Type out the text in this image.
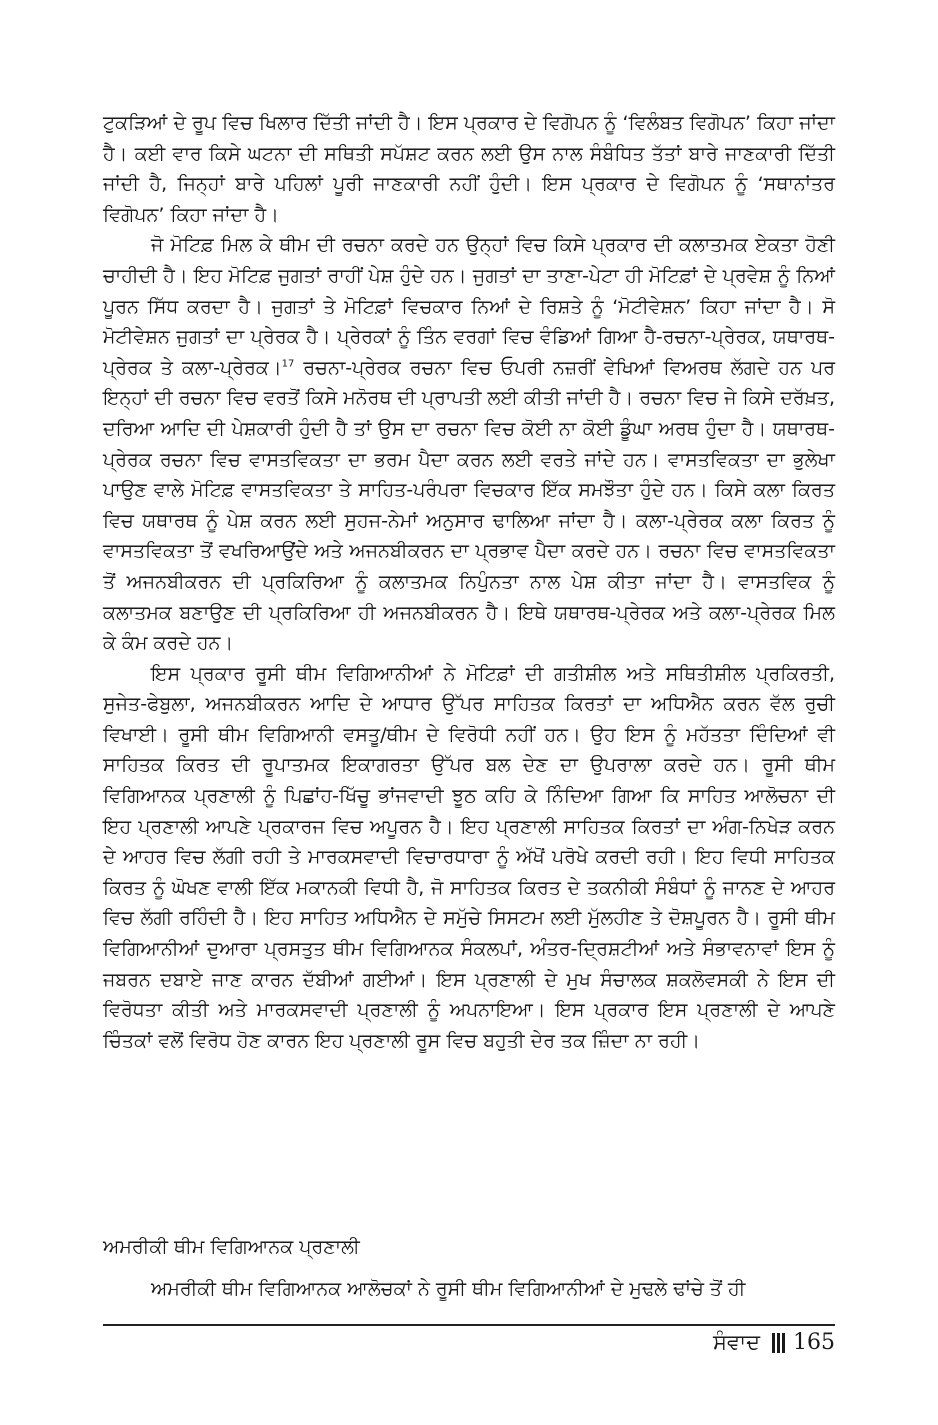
ਟੁਕੜਿਆਂ ਦੇ ਰੂਪ ਵਿਚ ਖਿਲਾਰ ਦਿੱਤੀ ਜਾਂਦੀ ਹੈ। ਇਸ ਪ੍ਰਕਾਰ ਦੇ ਵਿਗੋਪਨ ਨੂੰ ‘ਵਿਲੰਬਤ ਵਿਗੋਪਨ’ ਕਿਹਾ ਜਾਂਦਾ ਹੈ। ਕਈ ਵਾਰ ਕਿਸੇ ਘਟਨਾ ਦੀ ਸਥਿਤੀ ਸਪੱਸ਼ਟ ਕਰਨ ਲਈ ਉਸ ਨਾਲ ਸੰਬੰਧਿਤ ਤੱਤਾਂ ਬਾਰੇ ਜਾਣਕਾਰੀ ਦਿੱਤੀ ਜਾਂਦੀ ਹੈ, ਜਿਨ੍ਹਾਂ ਬਾਰੇ ਪਹਿਲਾਂ ਪੂਰੀ ਜਾਣਕਾਰੀ ਨਹੀਂ ਹੁੰਦੀ। ਇਸ ਪ੍ਰਕਾਰ ਦੇ ਵਿਗੋਪਨ ਨੂੰ ‘ਸਥਾਨਾਂਤਰ ਵਿਗੋਪਨ’ ਕਿਹਾ ਜਾਂਦਾ ਹੈ।

ਜੋ ਮੋਟਿਫ਼ ਮਿਲ ਕੇ ਥੀਮ ਦੀ ਰਚਨਾ ਕਰਦੇ ਹਨ ਉਨ੍ਹਾਂ ਵਿਚ ਕਿਸੇ ਪ੍ਰਕਾਰ ਦੀ ਕਲਾਤਮਕ ਏਕਤਾ ਹੋਣੀ ਚਾਹੀਦੀ ਹੈ। ਇਹ ਮੋਟਿਫ਼ ਜੁਗਤਾਂ ਰਾਹੀਂ ਪੇਸ਼ ਹੁੰਦੇ ਹਨ। ਜੁਗਤਾਂ ਦਾ ਤਾਣਾ-ਪੇਟਾ ਹੀ ਮੋਟਿਫ਼ਾਂ ਦੇ ਪ੍ਰਵੇਸ਼ ਨੂੰ ਨਿਆਂ ਪੂਰਨ ਸਿੱਧ ਕਰਦਾ ਹੈ। ਜੁਗਤਾਂ ਤੇ ਮੋਟਿਫ਼ਾਂ ਵਿਚਕਾਰ ਨਿਆਂ ਦੇ ਰਿਸ਼ਤੇ ਨੂੰ ‘ਮੋਟੀਵੇਸ਼ਨ’ ਕਿਹਾ ਜਾਂਦਾ ਹੈ। ਸੋ ਮੋਟੀਵੇਸ਼ਨ ਜੁਗਤਾਂ ਦਾ ਪ੍ਰੇਰਕ ਹੈ। ਪ੍ਰੇਰਕਾਂ ਨੂੰ ਤਿੰਨ ਵਰਗਾਂ ਵਿਚ ਵੰਡਿਆਂ ਗਿਆ ਹੈ-ਰਚਨਾ-ਪ੍ਰੇਰਕ, ਯਥਾਰਥ-ਪ੍ਰੇਰਕ ਤੇ ਕਲਾ-ਪ੍ਰੇਰਕ।$^{17}$ ਰਚਨਾ-ਪ੍ਰੇਰਕ ਰਚਨਾ ਵਿਚ ਓਪਰੀ ਨਜ਼ਰੀਂ ਵੇਖਿਆਂ ਵਿਅਰਥ ਲੱਗਦੇ ਹਨ ਪਰ ਇਨ੍ਹਾਂ ਦੀ ਰਚਨਾ ਵਿਚ ਵਰਤੋਂ ਕਿਸੇ ਮਨੋਰਥ ਦੀ ਪ੍ਰਾਪਤੀ ਲਈ ਕੀਤੀ ਜਾਂਦੀ ਹੈ। ਰਚਨਾ ਵਿਚ ਜੇ ਕਿਸੇ ਦਰੱਖ਼ਤ, ਦਰਿਆ ਆਦਿ ਦੀ ਪੇਸ਼ਕਾਰੀ ਹੁੰਦੀ ਹੈ ਤਾਂ ਉਸ ਦਾ ਰਚਨਾ ਵਿਚ ਕੋਈ ਨਾ ਕੋਈ ਡੂੰਘਾ ਅਰਥ ਹੁੰਦਾ ਹੈ। ਯਥਾਰਥ-ਪ੍ਰੇਰਕ ਰਚਨਾ ਵਿਚ ਵਾਸਤਵਿਕਤਾ ਦਾ ਭਰਮ ਪੈਦਾ ਕਰਨ ਲਈ ਵਰਤੇ ਜਾਂਦੇ ਹਨ। ਵਾਸਤਵਿਕਤਾ ਦਾ ਭੁਲੇਖਾ ਪਾਉਣ ਵਾਲੇ ਮੋਟਿਫ਼ ਵਾਸਤਵਿਕਤਾ ਤੇ ਸਾਹਿਤ-ਪਰੰਪਰਾ ਵਿਚਕਾਰ ਇੱਕ ਸਮਝੌਤਾ ਹੁੰਦੇ ਹਨ। ਕਿਸੇ ਕਲਾ ਕਿਰਤ ਵਿਚ ਯਥਾਰਥ ਨੂੰ ਪੇਸ਼ ਕਰਨ ਲਈ ਸੁਹਜ-ਨੇਮਾਂ ਅਨੁਸਾਰ ਢਾਲਿਆ ਜਾਂਦਾ ਹੈ। ਕਲਾ-ਪ੍ਰੇਰਕ ਕਲਾ ਕਿਰਤ ਨੂੰ ਵਾਸਤਵਿਕਤਾ ਤੋਂ ਵਖਰਿਆਉਂਦੇ ਅਤੇ ਅਜਨਬੀਕਰਨ ਦਾ ਪ੍ਰਭਾਵ ਪੈਦਾ ਕਰਦੇ ਹਨ। ਰਚਨਾ ਵਿਚ ਵਾਸਤਵਿਕਤਾ ਤੋਂ ਅਜਨਬੀਕਰਨ ਦੀ ਪ੍ਰਕਿਰਿਆ ਨੂੰ ਕਲਾਤਮਕ ਨਿਪੁੰਨਤਾ ਨਾਲ ਪੇਸ਼ ਕੀਤਾ ਜਾਂਦਾ ਹੈ। ਵਾਸਤਵਿਕ ਨੂੰ ਕਲਾਤਮਕ ਬਣਾਉਣ ਦੀ ਪ੍ਰਕਿਰਿਆ ਹੀ ਅਜਨਬੀਕਰਨ ਹੈ। ਇਥੇ ਯਥਾਰਥ-ਪ੍ਰੇਰਕ ਅਤੇ ਕਲਾ-ਪ੍ਰੇਰਕ ਮਿਲ ਕੇ ਕੰਮ ਕਰਦੇ ਹਨ।

ਇਸ ਪ੍ਰਕਾਰ ਰੂਸੀ ਥੀਮ ਵਿਗਿਆਨੀਆਂ ਨੇ ਮੋਟਿਫ਼ਾਂ ਦੀ ਗਤੀਸ਼ੀਲ ਅਤੇ ਸਥਿਤੀਸ਼ੀਲ ਪ੍ਰਕਿਰਤੀ, ਸੁਜੇਤ-ਫੇਬੁਲਾ, ਅਜਨਬੀਕਰਨ ਆਦਿ ਦੇ ਆਧਾਰ ਉੱਪਰ ਸਾਹਿਤਕ ਕਿਰਤਾਂ ਦਾ ਅਧਿਐਨ ਕਰਨ ਵੱਲ ਰੁਚੀ ਵਿਖਾਈ। ਰੂਸੀ ਥੀਮ ਵਿਗਿਆਨੀ ਵਸਤੂ/ਥੀਮ ਦੇ ਵਿਰੋਧੀ ਨਹੀਂ ਹਨ। ਉਹ ਇਸ ਨੂੰ ਮਹੱਤਤਾ ਦਿੰਦਿਆਂ ਵੀ ਸਾਹਿਤਕ ਕਿਰਤ ਦੀ ਰੂਪਾਤਮਕ ਇਕਾਗਰਤਾ ਉੱਪਰ ਬਲ ਦੇਣ ਦਾ ਉਪਰਾਲਾ ਕਰਦੇ ਹਨ। ਰੂਸੀ ਥੀਮ ਵਿਗਿਆਨਕ ਪ੍ਰਣਾਲੀ ਨੂੰ ਪਿਛਾਂਹ-ਖਿੱਚੂ ਭਾਂਜਵਾਦੀ ਝੂਠ ਕਹਿ ਕੇ ਨਿੰਦਿਆ ਗਿਆ ਕਿ ਸਾਹਿਤ ਆਲੋਚਨਾ ਦੀ ਇਹ ਪ੍ਰਣਾਲੀ ਆਪਣੇ ਪ੍ਰਕਾਰਜ ਵਿਚ ਅਪੂਰਨ ਹੈ। ਇਹ ਪ੍ਰਣਾਲੀ ਸਾਹਿਤਕ ਕਿਰਤਾਂ ਦਾ ਅੰਗ-ਨਿਖੇੜ ਕਰਨ ਦੇ ਆਹਰ ਵਿਚ ਲੱਗੀ ਰਹੀ ਤੇ ਮਾਰਕਸਵਾਦੀ ਵਿਚਾਰਧਾਰਾ ਨੂੰ ਅੱਖੋਂ ਪਰੋਖੇ ਕਰਦੀ ਰਹੀ। ਇਹ ਵਿਧੀ ਸਾਹਿਤਕ ਕਿਰਤ ਨੂੰ ਘੋਖਣ ਵਾਲੀ ਇੱਕ ਮਕਾਨਕੀ ਵਿਧੀ ਹੈ, ਜੋ ਸਾਹਿਤਕ ਕਿਰਤ ਦੇ ਤਕਨੀਕੀ ਸੰਬੰਧਾਂ ਨੂੰ ਜਾਨਣ ਦੇ ਆਹਰ ਵਿਚ ਲੱਗੀ ਰਹਿੰਦੀ ਹੈ। ਇਹ ਸਾਹਿਤ ਅਧਿਐਨ ਦੇ ਸਮੁੱਚੇ ਸਿਸਟਮ ਲਈ ਮੁੱਲਹੀਣ ਤੇ ਦੋਸ਼ਪੂਰਨ ਹੈ। ਰੂਸੀ ਥੀਮ ਵਿਗਿਆਨੀਆਂ ਦੁਆਰਾ ਪ੍ਰਸਤੁਤ ਥੀਮ ਵਿਗਿਆਨਕ ਸੰਕਲਪਾਂ, ਅੰਤਰ-ਦ੍ਰਿਸ਼ਟੀਆਂ ਅਤੇ ਸੰਭਾਵਨਾਵਾਂ ਇਸ ਨੂੰ ਜਬਰਨ ਦਬਾਏ ਜਾਣ ਕਾਰਨ ਦੱਬੀਆਂ ਗਈਆਂ। ਇਸ ਪ੍ਰਣਾਲੀ ਦੇ ਮੁਖ ਸੰਚਾਲਕ ਸ਼ਕਲੋਵਸਕੀ ਨੇ ਇਸ ਦੀ ਵਿਰੋਧਤਾ ਕੀਤੀ ਅਤੇ ਮਾਰਕਸਵਾਦੀ ਪ੍ਰਣਾਲੀ ਨੂੰ ਅਪਨਾਇਆ। ਇਸ ਪ੍ਰਕਾਰ ਇਸ ਪ੍ਰਣਾਲੀ ਦੇ ਆਪਣੇ ਚਿੰਤਕਾਂ ਵਲੋਂ ਵਿਰੋਧ ਹੋਣ ਕਾਰਨ ਇਹ ਪ੍ਰਣਾਲੀ ਰੂਸ ਵਿਚ ਬਹੁਤੀ ਦੇਰ ਤਕ ਜ਼ਿੰਦਾ ਨਾ ਰਹੀ।

ਅਮਰੀਕੀ ਥੀਮ ਵਿਗਿਆਨਕ ਪ੍ਰਣਾਲੀ

ਅਮਰੀਕੀ ਥੀਮ ਵਿਗਿਆਨਕ ਆਲੋਚਕਾਂ ਨੇ ਰੂਸੀ ਥੀਮ ਵਿਗਿਆਨੀਆਂ ਦੇ ਮੁਢਲੇ ਢਾਂਚੇ ਤੋਂ ਹੀ

ਸੰਵਾਦ 165
